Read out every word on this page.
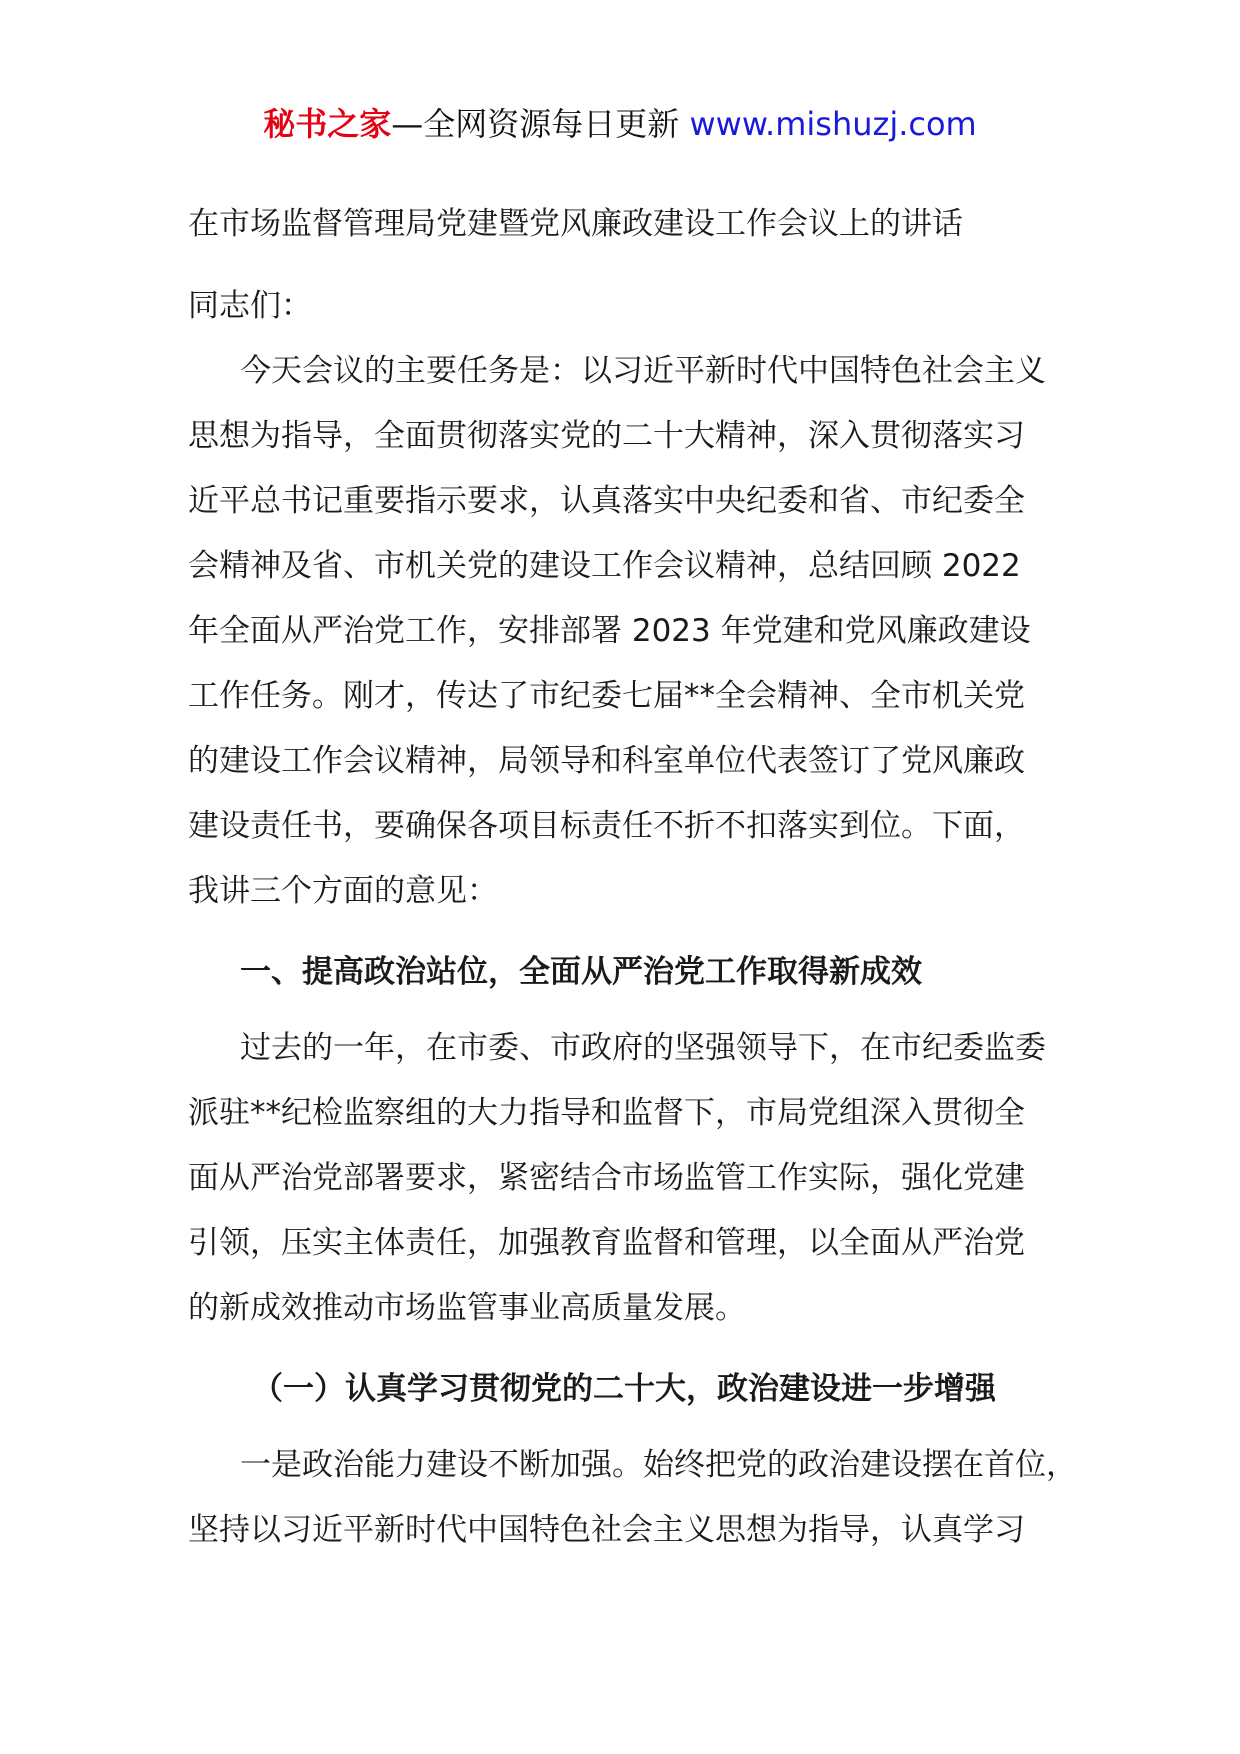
秘书之家—全网资源每日更新 www.mishuzj.com
在市场监督管理局党建暨党风廉政建设工作会议上的讲话
同志们：
今天会议的主要任务是：以习近平新时代中国特色社会主义
思想为指导，全面贯彻落实党的二十大精神，深入贯彻落实习
近平总书记重要指示要求，认真落实中央纪委和省、市纪委全
会精神及省、市机关党的建设工作会议精神，总结回顾 2022
年全面从严治党工作，安排部署 2023 年党建和党风廉政建设
工作任务。刚才，传达了市纪委七届**全会精神、全市机关党
的建设工作会议精神，局领导和科室单位代表签订了党风廉政
建设责任书，要确保各项目标责任不折不扣落实到位。下面，
我讲三个方面的意见：
一、提高政治站位，全面从严治党工作取得新成效
过去的一年，在市委、市政府的坚强领导下，在市纪委监委
派驻**纪检监察组的大力指导和监督下，市局党组深入贯彻全
面从严治党部署要求，紧密结合市场监管工作实际，强化党建
引领，压实主体责任，加强教育监督和管理，以全面从严治党
的新成效推动市场监管事业高质量发展。
（一）认真学习贯彻党的二十大，政治建设进一步增强
一是政治能力建设不断加强。始终把党的政治建设摆在首位，
坚持以习近平新时代中国特色社会主义思想为指导，认真学习
